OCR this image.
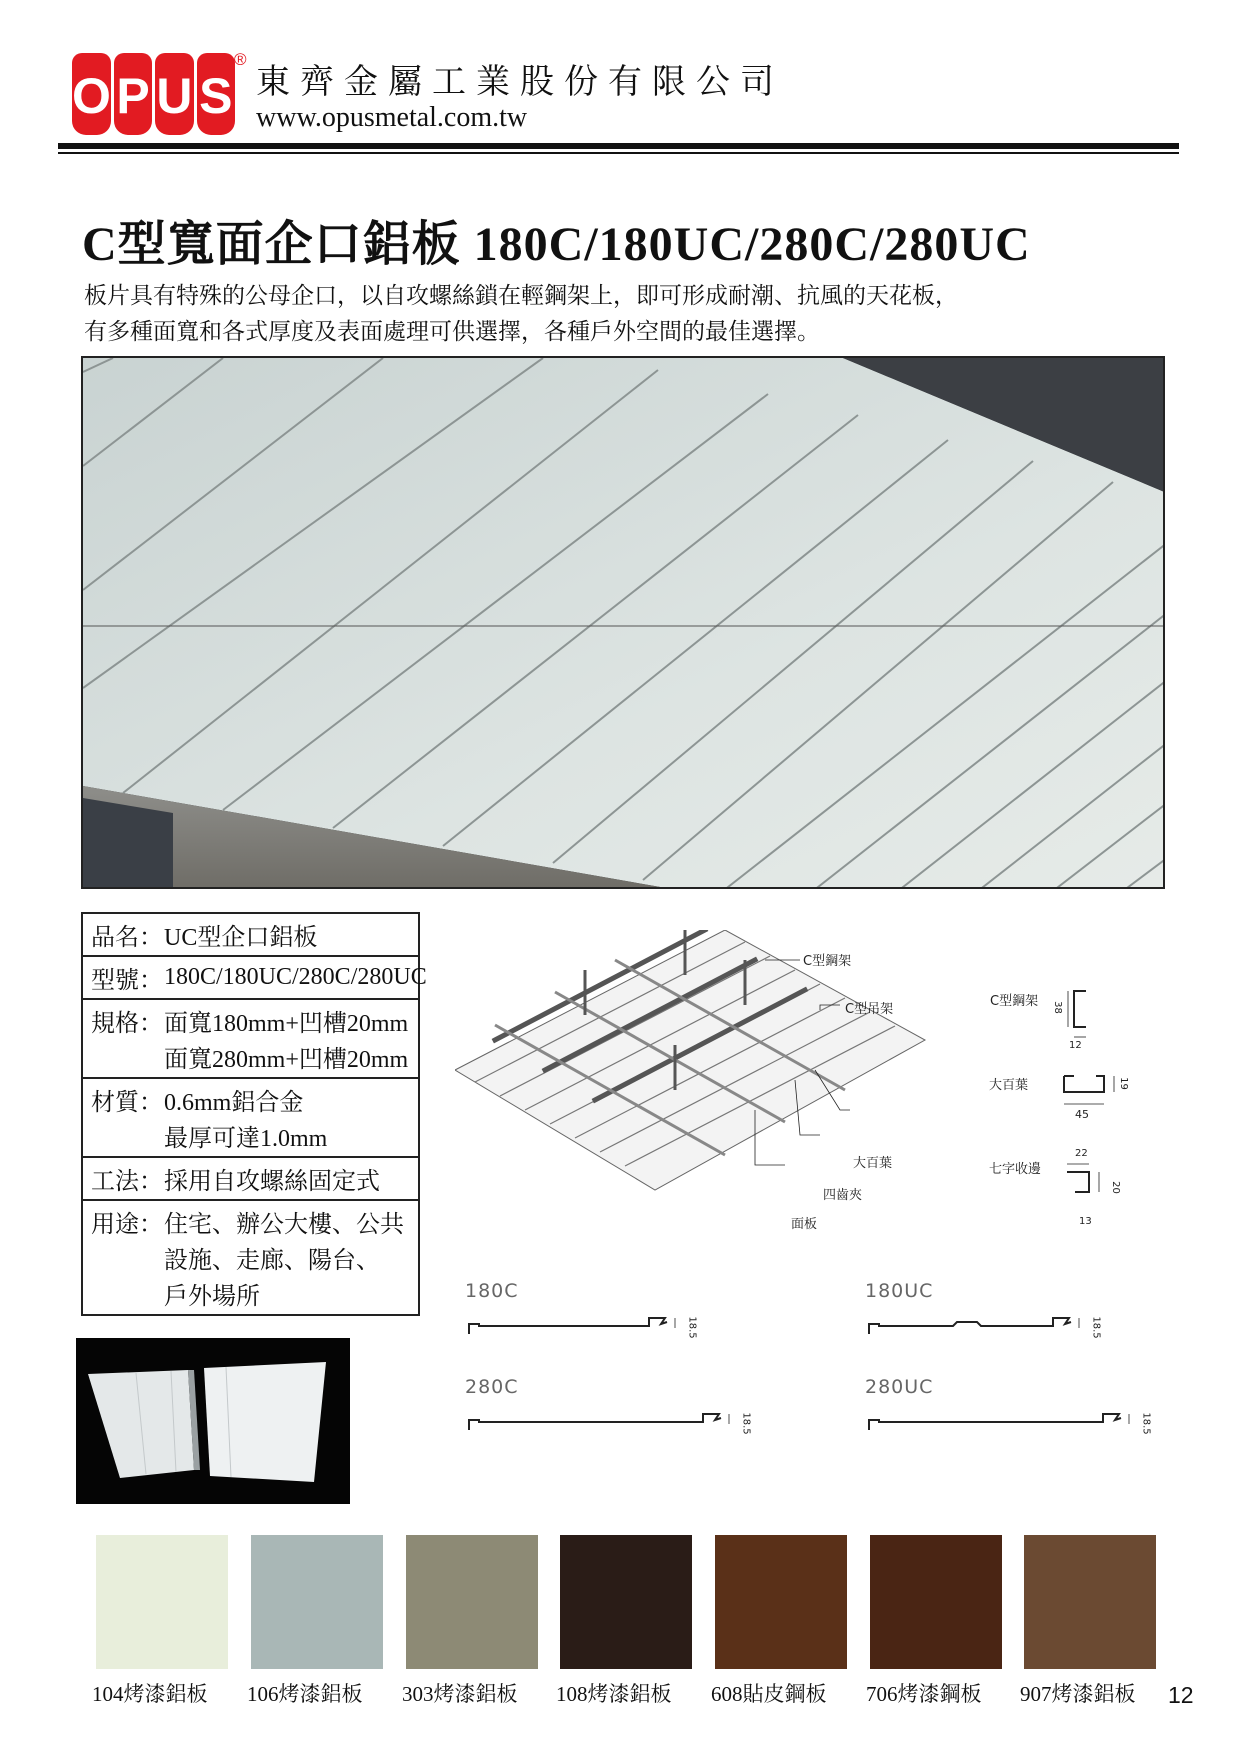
O P U S
®
東齊金屬工業股份有限公司
www.opusmetal.com.tw
C型寬面企口鋁板 180C/180UC/280C/280UC
板片具有特殊的公母企口，以自攻螺絲鎖在輕鋼架上，即可形成耐潮、抗風的天花板，
有多種面寬和各式厚度及表面處理可供選擇，各種戶外空間的最佳選擇。
品名： UC型企口鋁板
型號： 180C/180UC/280C/280UC
規格： 面寬180mm+凹槽20mm
面寬280mm+凹槽20mm
材質： 0.6mm鋁合金
最厚可達1.0mm
工法： 採用自攻螺絲固定式
用途： 住宅、辦公大樓、公共
設施、走廊、陽台、
戶外場所
C型鋼架
C型吊架
大百葉
四齒夾
面板
C型鋼架 38
12
大百葉	19
45
七字收邊
22
20
13
180C
18.5
180UC
18.5
280C
18.5
280UC
18.5
104烤漆鋁板 106烤漆鋁板 303烤漆鋁板 108烤漆鋁板 608貼皮鋼板 706烤漆鋼板 907烤漆鋁板 12
